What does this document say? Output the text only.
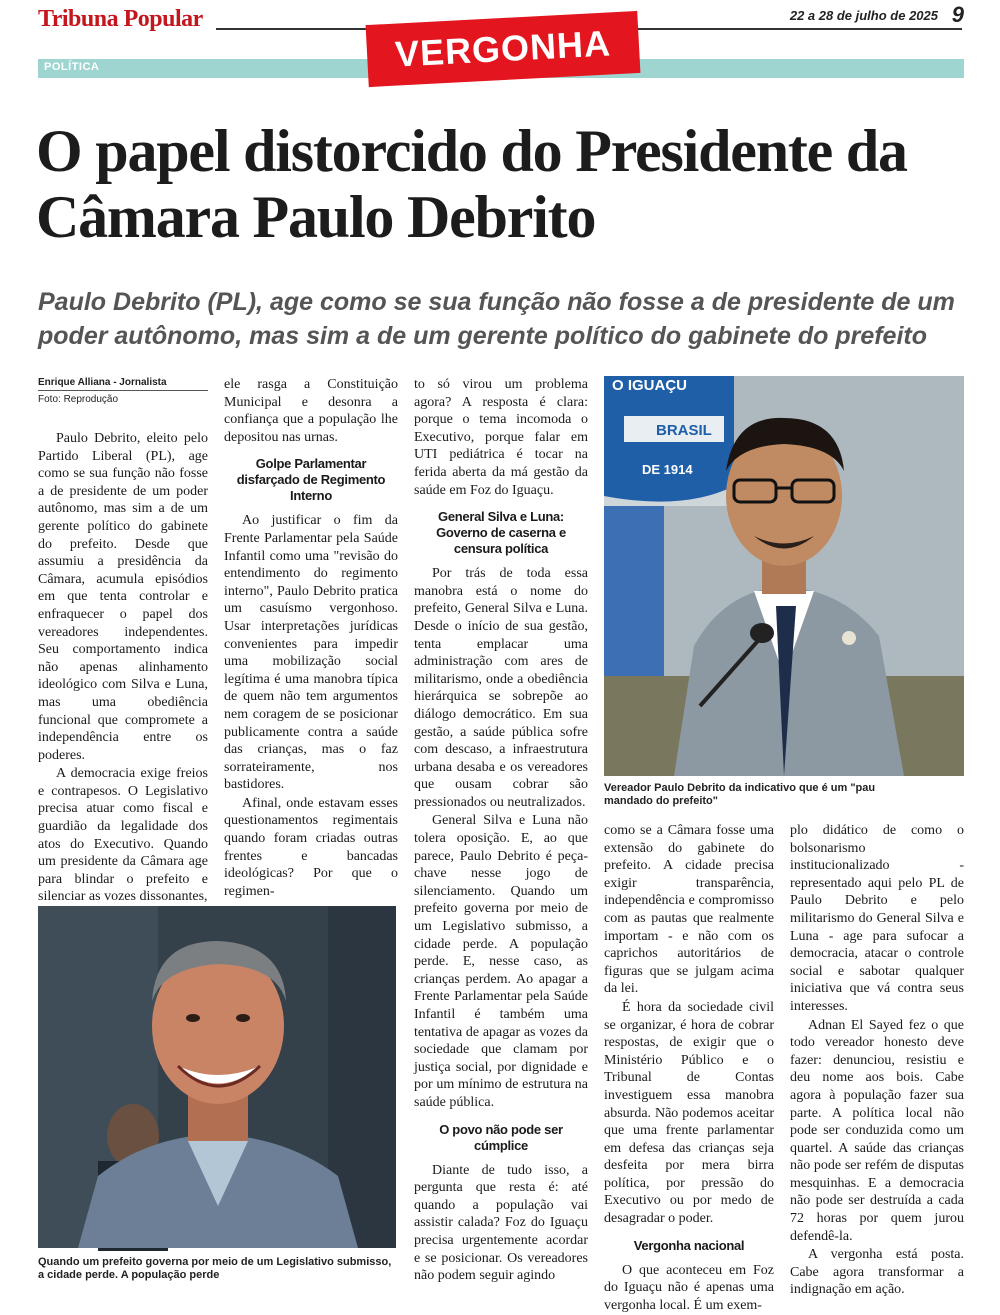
Tribuna Popular	22 a 28 de julho de 2025 9
POLÍTICA	VERGONHA
O papel distorcido do Presidente da Câmara Paulo Debrito
Paulo Debrito (PL), age como se sua função não fosse a de presidente de um poder autônomo, mas sim a de um gerente político do gabinete do prefeito
Enrique Alliana - Jornalista
Foto: Reprodução

Paulo Debrito, eleito pelo Partido Liberal (PL), age como se sua função não fosse a de presidente de um poder autônomo, mas sim a de um gerente político do gabinete do prefeito. Desde que assumiu a presidência da Câmara, acumula episódios em que tenta controlar e enfraquecer o papel dos vereadores independentes. Seu comportamento indica não apenas alinhamento ideológico com Silva e Luna, mas uma obediência funcional que compromete a independência entre os poderes.

A democracia exige freios e contrapesos. O Legislativo precisa atuar como fiscal e guardião da legalidade dos atos do Executivo. Quando um presidente da Câmara age para blindar o prefeito e silenciar as vozes dissonantes,

ele rasga a Constituição Municipal e desonra a confiança que a população lhe depositou nas urnas.

Golpe Parlamentar disfarçado de Regimento Interno

Ao justificar o fim da Frente Parlamentar pela Saúde Infantil como uma "revisão do entendimento do regimento interno", Paulo Debrito pratica um casuísmo vergonhoso. Usar interpretações jurídicas convenientes para impedir uma mobilização social legítima é uma manobra típica de quem não tem argumentos nem coragem de se posicionar publicamente contra a saúde das crianças, mas o faz sorrateiramente, nos bastidores.

Afinal, onde estavam esses questionamentos regimentais quando foram criadas outras frentes e bancadas ideológicas? Por que o regimen-

to só virou um problema agora? A resposta é clara: porque o tema incomoda o Executivo, porque falar em UTI pediátrica é tocar na ferida aberta da má gestão da saúde em Foz do Iguaçu.

General Silva e Luna: Governo de caserna e censura política

Por trás de toda essa manobra está o nome do prefeito, General Silva e Luna. Desde o início de sua gestão, tenta emplacar uma administração com ares de militarismo, onde a obediência hierárquica se sobrepõe ao diálogo democrático. Em sua gestão, a saúde pública sofre com descaso, a infraestrutura urbana desaba e os vereadores que ousam cobrar são pressionados ou neutralizados.

General Silva e Luna não tolera oposição. E, ao que parece, Paulo Debrito é peça-chave nesse jogo de silenciamento. Quando um prefeito governa por meio de um Legislativo submisso, a cidade perde. A população perde. E, nesse caso, as crianças perdem. Ao apagar a Frente Parlamentar pela Saúde Infantil é também uma tentativa de apagar as vozes da sociedade que clamam por justiça social, por dignidade e por um mínimo de estrutura na saúde pública.

O povo não pode ser cúmplice

Diante de tudo isso, a pergunta que resta é: até quando a população vai assistir calada? Foz do Iguaçu precisa urgentemente acordar e se posicionar. Os vereadores não podem seguir agindo

O IGUAÇU
BRASIL
DE 1914
Vereador Paulo Debrito da indicativo que é um "pau mandado do prefeito"
Quando um prefeito governa por meio de um Legislativo submisso, a cidade perde. A população perde

como se a Câmara fosse uma extensão do gabinete do prefeito. A cidade precisa exigir transparência, independência e compromisso com as pautas que realmente importam - e não com os caprichos autoritários de figuras que se julgam acima da lei.

É hora da sociedade civil se organizar, é hora de cobrar respostas, de exigir que o Ministério Público e o Tribunal de Contas investiguem essa manobra absurda. Não podemos aceitar que uma frente parlamentar em defesa das crianças seja desfeita por mera birra política, por pressão do Executivo ou por medo de desagradar o poder.

Vergonha nacional

O que aconteceu em Foz do Iguaçu não é apenas uma vergonha local. É um exem-

plo didático de como o bolsonarismo institucionalizado - representado aqui pelo PL de Paulo Debrito e pelo militarismo do General Silva e Luna - age para sufocar a democracia, atacar o controle social e sabotar qualquer iniciativa que vá contra seus interesses.

Adnan El Sayed fez o que todo vereador honesto deve fazer: denunciou, resistiu e deu nome aos bois. Cabe agora à população fazer sua parte. A política local não pode ser conduzida como um quartel. A saúde das crianças não pode ser refém de disputas mesquinhas. E a democracia não pode ser destruída a cada 72 horas por quem jurou defendê-la.

A vergonha está posta. Cabe agora transformar a indignação em ação.
